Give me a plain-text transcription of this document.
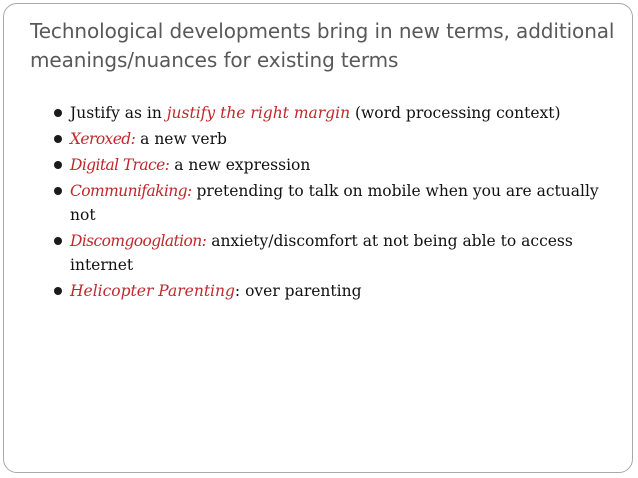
Technological developments bring in new terms, additional meanings/nuances for existing terms
Justify as in justify the right margin (word processing context)
Xeroxed: a new verb
Digital Trace: a new expression
Communifaking: pretending to talk on mobile when you are actually not
Discomgooglation: anxiety/discomfort at not being able to access internet
Helicopter Parenting: over parenting
